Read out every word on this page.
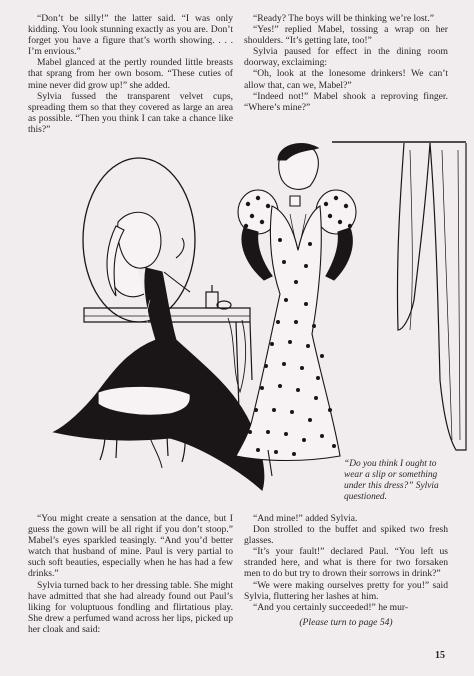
“Don’t be silly!” the latter said. “I was only kidding. You look stunning exactly as you are. Don’t forget you have a figure that’s worth showing. . . . I’m envious.”

Mabel glanced at the pertly rounded little breasts that sprang from her own bosom. “These cuties of mine never did grow up!” she added.

Sylvia fussed the transparent velvet cups, spreading them so that they covered as large an area as possible. “Then you think I can take a chance like this?”

“Ready? The boys will be thinking we’re lost.”

“Yes!” replied Mabel, tossing a wrap on her shoulders. “It’s getting late, too!”

Sylvia paused for effect in the dining room doorway, exclaiming:

“Oh, look at the lonesome drinkers! We can’t allow that, can we, Mabel?”

“Indeed not!” Mabel shook a reproving finger. “Where’s mine?”

“Do you think I ought to wear a slip or something under this dress?” Sylvia questioned.

“You might create a sensation at the dance, but I guess the gown will be all right if you don’t stoop.” Mabel’s eyes sparkled teasingly. “And you’d better watch that husband of mine. Paul is very partial to such soft beauties, especially when he has had a few drinks.”

Sylvia turned back to her dressing table. She might have admitted that she had already found out Paul’s liking for voluptuous fondling and flirtatious play. She drew a perfumed wand across her lips, picked up her cloak and said:

“And mine!” added Sylvia.

Don strolled to the buffet and spiked two fresh glasses.

“It’s your fault!” declared Paul. “You left us stranded here, and what is there for two forsaken men to do but try to drown their sorrows in drink?”

“We were making ourselves pretty for you!” said Sylvia, fluttering her lashes at him.

“And you certainly succeeded!” he mur-

(Please turn to page 54)
15
